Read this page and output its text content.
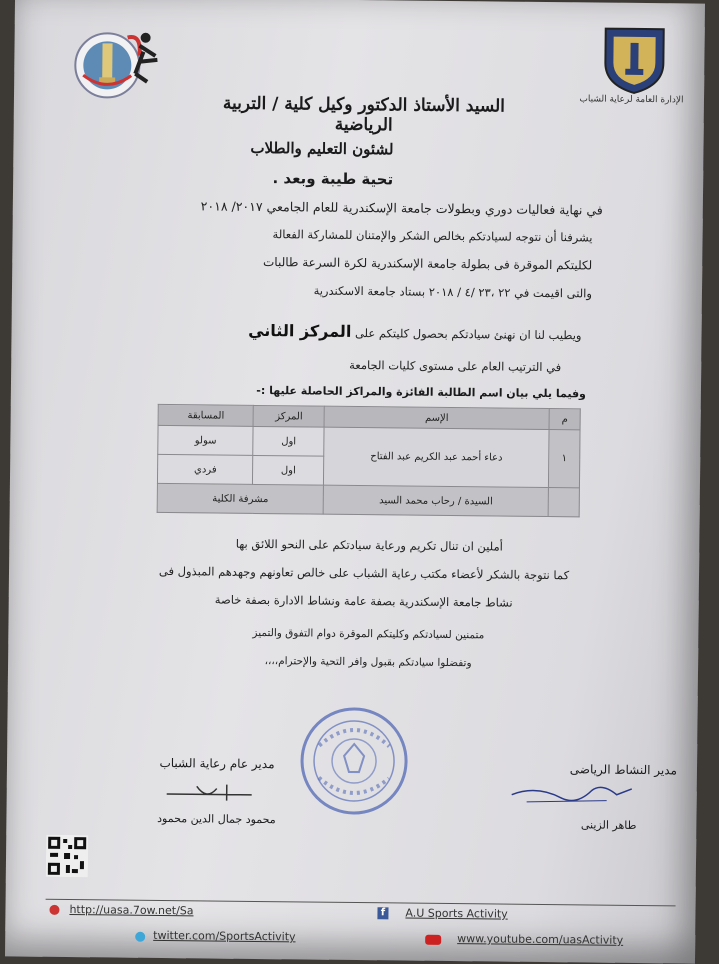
الإدارة العامة لرعاية الشباب
السيد الأستاذ الدكتور وكيل كلية / التربية الرياضية
لشئون التعليم والطلاب
تحية طيبة وبعد .
في نهاية فعاليات دوري وبطولات جامعة الإسكندرية للعام الجامعي ٢٠١٧/ ٢٠١٨
يشرفنا أن نتوجه لسيادتكم بخالص الشكر والإمتنان للمشاركة الفعالة
لكليتكم الموقرة فى بطولة جامعة الإسكندرية لكرة السرعة طالبات
والتى اقيمت في ٢٢ ،٢٣ /٤ / ٢٠١٨ بستاد جامعة الاسكندرية
ويطيب لنا ان نهنئ سيادتكم بحصول كليتكم على المركز الثاني
في الترتيب العام على مستوى كليات الجامعة
وفيما يلي بيان اسم الطالبة الفائزة والمراكز الحاصلة عليها :-
م	الإسم	المركز	المسابقة
١	دعاء أحمد عبد الكريم عبد الفتاح	اول	سولو
		اول	فردي
	السيدة / رحاب محمد السيد	مشرفة الكلية	
أملين ان تنال تكريم ورعاية سيادتكم على النحو اللائق بها
كما نتوجة بالشكر لأعضاء مكتب رعاية الشباب على خالص تعاونهم وجهدهم المبذول فى
نشاط جامعة الإسكندرية بصفة عامة ونشاط الادارة بصفة خاصة
متمنين لسيادتكم وكليتكم الموقرة دوام التفوق والتميز
وتفضلوا سيادتكم بقبول وافر التحية والإحترام،،،،
مدير النشاط الرياضى
طاهر الزينى
مدير عام رعاية الشباب
محمود جمال الدين محمود
http://uasa.7ow.net/Sa	f	A.U Sports Activity
twitter.com/SportsActivity	www.youtube.com/uasActivity
